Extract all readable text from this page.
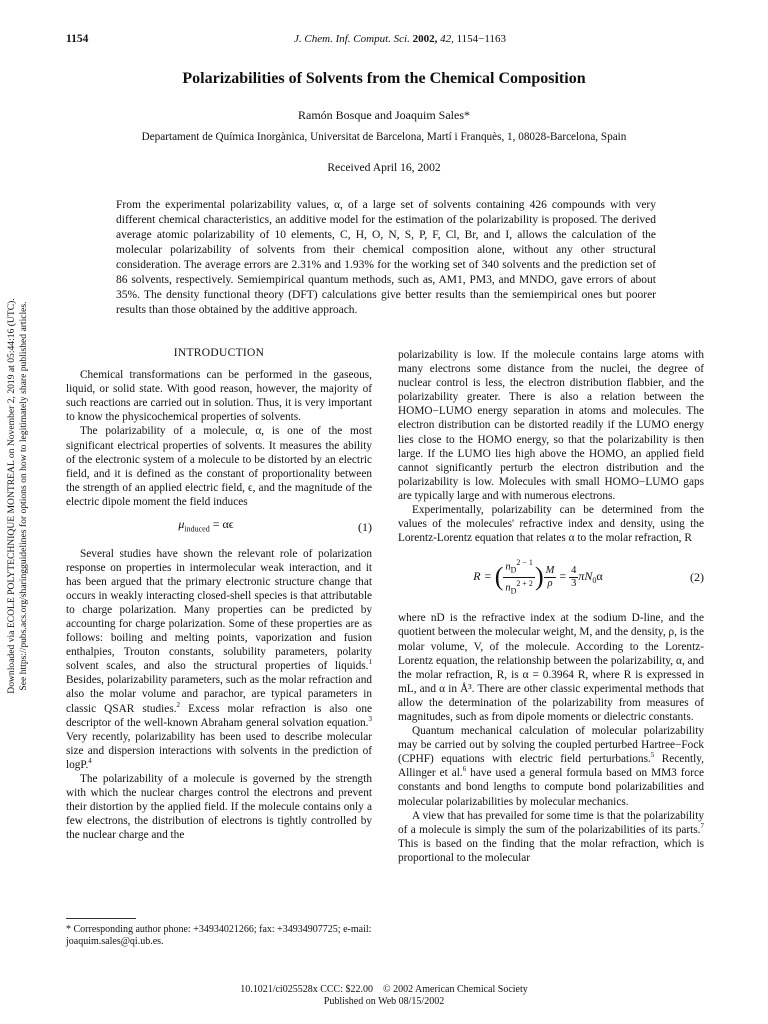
Downloaded via ECOLE POLYTECHNIQUE MONTREAL on November 2, 2019 at 05:44:16 (UTC). See https://pubs.acs.org/sharingguidelines for options on how to legitimately share published articles.
1154	J. Chem. Inf. Comput. Sci. 2002, 42, 1154−1163
Polarizabilities of Solvents from the Chemical Composition
Ramón Bosque and Joaquim Sales*
Departament de Química Inorgànica, Universitat de Barcelona, Martí i Franquès, 1, 08028-Barcelona, Spain
Received April 16, 2002
From the experimental polarizability values, α, of a large set of solvents containing 426 compounds with very different chemical characteristics, an additive model for the estimation of the polarizability is proposed. The derived average atomic polarizability of 10 elements, C, H, O, N, S, P, F, Cl, Br, and I, allows the calculation of the molecular polarizability of solvents from their chemical composition alone, without any other structural consideration. The average errors are 2.31% and 1.93% for the working set of 340 solvents and the prediction set of 86 solvents, respectively. Semiempirical quantum methods, such as, AM1, PM3, and MNDO, gave errors of about 35%. The density functional theory (DFT) calculations give better results than the semiempirical ones but poorer results than those obtained by the additive approach.
INTRODUCTION

Chemical transformations can be performed in the gaseous, liquid, or solid state. With good reason, however, the majority of such reactions are carried out in solution. Thus, it is very important to know the physicochemical properties of solvents.

The polarizability of a molecule, α, is one of the most significant electrical properties of solvents. It measures the ability of the electronic system of a molecule to be distorted by an electric field, and it is defined as the constant of proportionality between the strength of an applied electric field, ϵ, and the magnitude of the electric dipole moment the field induces

$\mu_{induced} = \alpha\epsilon$	(1)

Several studies have shown the relevant role of polarization response on properties in intermolecular weak interaction, and it has been argued that the primary electronic structure change that occurs in weakly interacting closed-shell species is that attributable to charge polarization. Many properties can be predicted by accounting for charge polarization. Some of these properties are as follows: boiling and melting points, vaporization and fusion enthalpies, Trouton constants, solubility parameters, polarity solvent scales, and also the structural properties of liquids.$^1$ Besides, polarizability parameters, such as the molar refraction and also the molar volume and parachor, are typical parameters in classic QSAR studies.$^2$ Excess molar refraction is also one descriptor of the well-known Abraham general solvation equation.$^3$ Very recently, polarizability has been used to describe molecular size and dispersion interactions with solvents in the prediction of logP.$^4$

The polarizability of a molecule is governed by the strength with which the nuclear charges control the electrons and prevent their distortion by the applied field. If the molecule contains only a few electrons, the distribution of electrons is tightly controlled by the nuclear charge and the

polarizability is low. If the molecule contains large atoms with many electrons some distance from the nuclei, the degree of nuclear control is less, the electron distribution flabbier, and the polarizability greater. There is also a relation between the HOMO−LUMO energy separation in atoms and molecules. The electron distribution can be distorted readily if the LUMO energy lies close to the HOMO energy, so that the polarizability is then large. If the LUMO lies high above the HOMO, an applied field cannot significantly perturb the electron distribution and the polarizability is low. Molecules with small HOMO−LUMO gaps are typically large and with numerous electrons.

Experimentally, polarizability can be determined from the values of the molecules' refractive index and density, using the Lorentz-Lorentz equation that relates α to the molar refraction, R

R = ( $\frac{n_D^{2 - 1}}{n_D^{2 + 2}}$ ) $\frac{M}{\rho} = \frac{4}{3} \pi N_0\alpha$	(2)

where nD is the refractive index at the sodium D-line, and the quotient between the molecular weight, M, and the density, ρ, is the molar volume, V, of the molecule. According to the Lorentz-Lorentz equation, the relationship between the polarizability, α, and the molar refraction, R, is α = 0.3964 R, where R is expressed in mL, and α in Å³. There are other classic experimental methods that allow the determination of the polarizability from measures of magnitudes, such as from dipole moments or dielectric constants.

Quantum mechanical calculation of molecular polarizability may be carried out by solving the coupled perturbed Hartree−Fock (CPHF) equations with electric field perturbations.$^5$ Recently, Allinger et al.$^6$ have used a general formula based on MM3 force constants and bond lengths to compute bond polarizabilities and molecular polarizabilities by molecular mechanics.

A view that has prevailed for some time is that the polarizability of a molecule is simply the sum of the polarizabilities of its parts.$^7$ This is based on the finding that the molar refraction, which is proportional to the molecular

* Corresponding author phone: +34934021266; fax: +34934907725; e-mail: joaquim.sales@qi.ub.es.
10.1021/ci025528x CCC: $22.00    © 2002 American Chemical Society
Published on Web 08/15/2002
